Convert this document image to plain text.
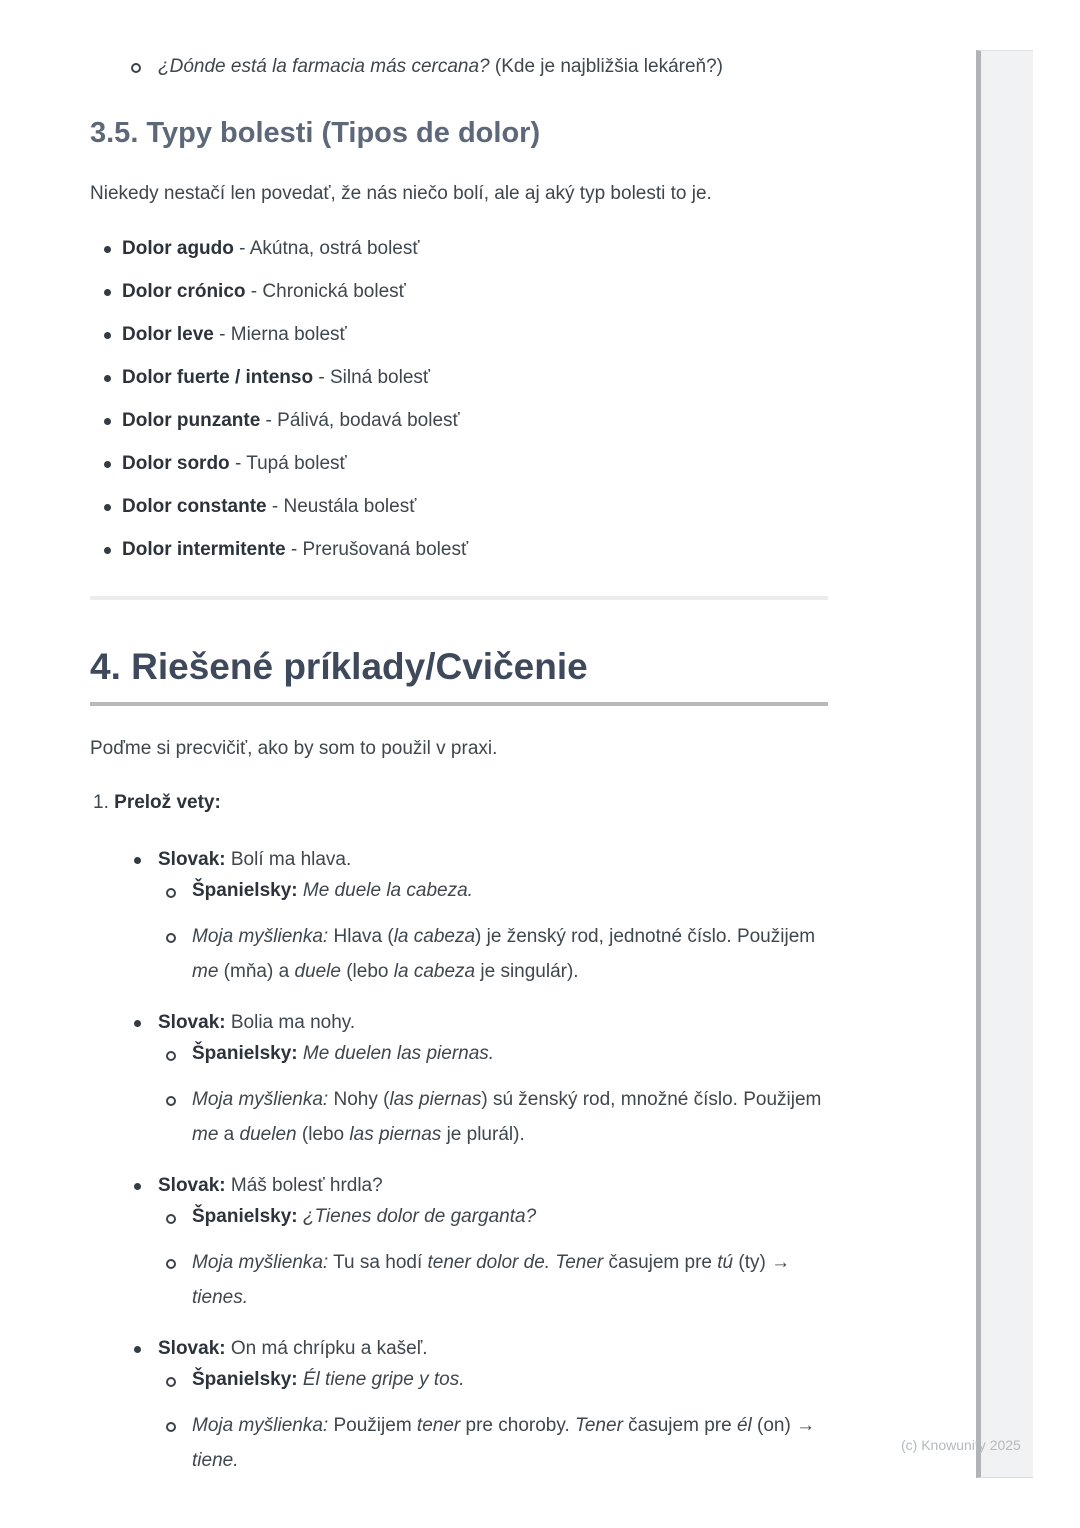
¿Dónde está la farmacia más cercana? (Kde je najbližšia lekáreň?)
3.5. Typy bolesti (Tipos de dolor)

Niekedy nestačí len povedať, že nás niečo bolí, ale aj aký typ bolesti to je.

Dolor agudo - Akútna, ostrá bolesť
Dolor crónico - Chronická bolesť
Dolor leve - Mierna bolesť
Dolor fuerte / intenso - Silná bolesť
Dolor punzante - Pálivá, bodavá bolesť
Dolor sordo - Tupá bolesť
Dolor constante - Neustála bolesť
Dolor intermitente - Prerušovaná bolesť
4. Riešené príklady/Cvičenie

Poďme si precvičiť, ako by som to použil v praxi.

1. Prelož vety:
Slovak: Bolí ma hlava.
Španielsky: Me duele la cabeza.
Moja myšlienka: Hlava (la cabeza) je ženský rod, jednotné číslo. Použijem me (mňa) a duele (lebo la cabeza je singulár).
Slovak: Bolia ma nohy.
Španielsky: Me duelen las piernas.
Moja myšlienka: Nohy (las piernas) sú ženský rod, množné číslo. Použijem me a duelen (lebo las piernas je plurál).
Slovak: Máš bolesť hrdla?
Španielsky: ¿Tienes dolor de garganta?
Moja myšlienka: Tu sa hodí tener dolor de. Tener časujem pre tú (ty) → tienes.
Slovak: On má chrípku a kašeľ.
Španielsky: Él tiene gripe y tos.
Moja myšlienka: Použijem tener pre choroby. Tener časujem pre él (on) → tiene.
(c) Knowunity 2025
